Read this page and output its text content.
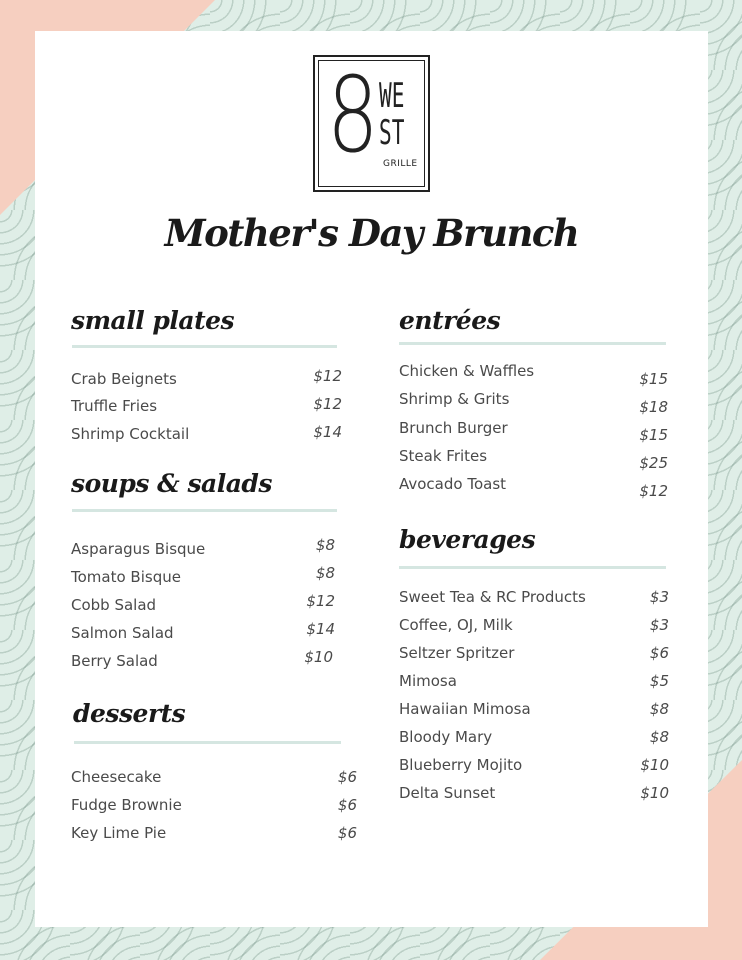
8 WE
ST
GRILLE
Mother's Day Brunch
small plates
Crab Beignets	$12
Truffle Fries	$12
Shrimp Cocktail	$14
soups & salads
Asparagus Bisque	$8
Tomato Bisque	$8
Cobb Salad	$12
Salmon Salad	$14
Berry Salad	$10
desserts
Cheesecake	$6
Fudge Brownie	$6
Key Lime Pie	$6
entrées
Chicken & Waffles	$15
Shrimp & Grits	$18
Brunch Burger	$15
Steak Frites	$25
Avocado Toast	$12
beverages
Sweet Tea & RC Products	$3
Coffee, OJ, Milk	$3
Seltzer Spritzer	$6
Mimosa	$5
Hawaiian Mimosa	$8
Bloody Mary	$8
Blueberry Mojito	$10
Delta Sunset	$10
